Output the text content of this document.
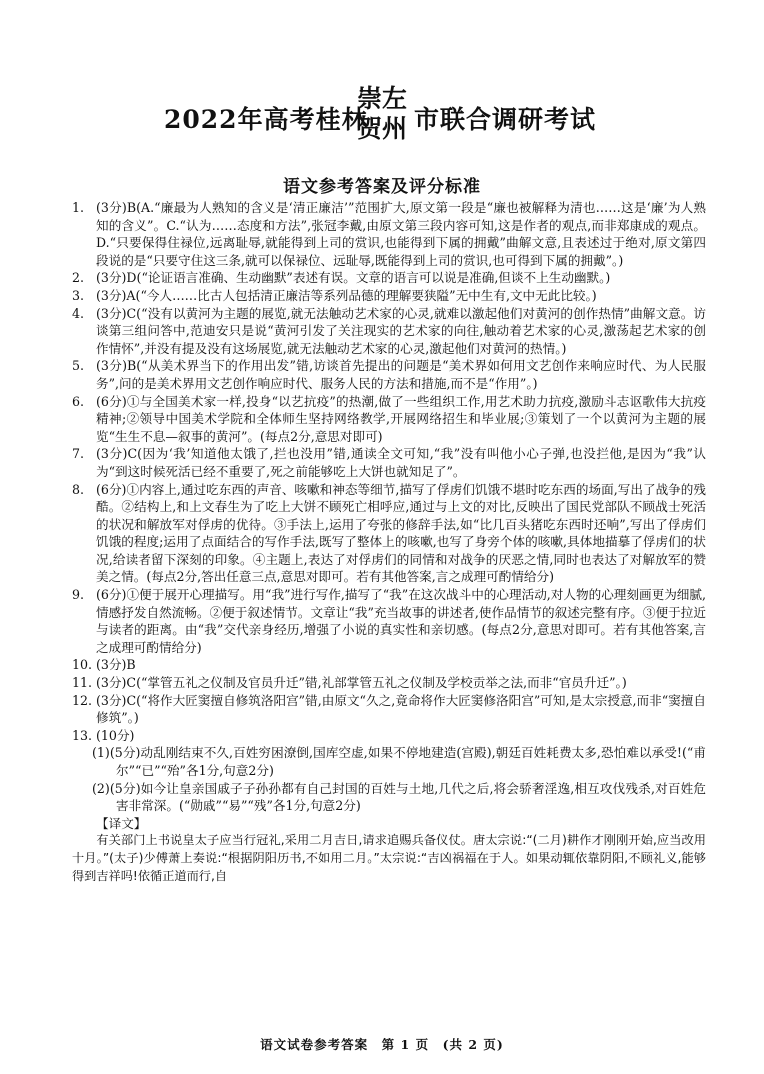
2022年高考桂林
崇左
贺州 市联合调研考试
语文参考答案及评分标准
1. (3分)B(A.“廉最为人熟知的含义是‘清正廉洁’”范围扩大,原文第一段是“廉也被解释为清也……这是‘廉’为人熟知的含义”。C.“认为……态度和方法”,张冠李戴,由原文第三段内容可知,这是作者的观点,而非郑康成的观点。D.“只要保得住禄位,远离耻辱,就能得到上司的赏识,也能得到下属的拥戴”曲解文意,且表述过于绝对,原文第四段说的是“只要守住这三条,就可以保禄位、远耻辱,既能得到上司的赏识,也可得到下属的拥戴”。)
2. (3分)D(“论证语言准确、生动幽默”表述有误。文章的语言可以说是准确,但谈不上生动幽默。)
3. (3分)A(“今人……比古人包括清正廉洁等系列品德的理解要狭隘”无中生有,文中无此比较。)
4. (3分)C(“没有以黄河为主题的展览,就无法触动艺术家的心灵,就难以激起他们对黄河的创作热情”曲解文意。访谈第三组问答中,范迪安只是说“黄河引发了关注现实的艺术家的向往,触动着艺术家的心灵,激荡起艺术家的创作情怀”,并没有提及没有这场展览,就无法触动艺术家的心灵,激起他们对黄河的热情。)
5. (3分)B(“从美术界当下的作用出发”错,访谈首先提出的问题是“美术界如何用文艺创作来响应时代、为人民服务”,问的是美术界用文艺创作响应时代、服务人民的方法和措施,而不是“作用”。)
6. (6分)①与全国美术家一样,投身“以艺抗疫”的热潮,做了一些组织工作,用艺术助力抗疫,激励斗志讴歌伟大抗疫精神;②领导中国美术学院和全体师生坚持网络教学,开展网络招生和毕业展;③策划了一个以黄河为主题的展览“生生不息—叙事的黄河”。(每点2分,意思对即可)
7. (3分)C(因为‘我’知道他太饿了,拦也没用”错,通读全文可知,“我”没有叫他小心子弹,也没拦他,是因为“我”认为“到这时候死活已经不重要了,死之前能够吃上大饼也就知足了”。
8. (6分)①内容上,通过吃东西的声音、咳嗽和神态等细节,描写了俘虏们饥饿不堪时吃东西的场面,写出了战争的残酷。②结构上,和上文春生为了吃上大饼不顾死亡相呼应,通过与上文的对比,反映出了国民党部队不顾战士死活的状况和解放军对俘虏的优待。③手法上,运用了夸张的修辞手法,如“比几百头猪吃东西时还响”,写出了俘虏们饥饿的程度;运用了点面结合的写作手法,既写了整体上的咳嗽,也写了身旁个体的咳嗽,具体地描摹了俘虏们的状况,给读者留下深刻的印象。④主题上,表达了对俘虏们的同情和对战争的厌恶之情,同时也表达了对解放军的赞美之情。(每点2分,答出任意三点,意思对即可。若有其他答案,言之成理可酌情给分)
9. (6分)①便于展开心理描写。用“我”进行写作,描写了“我”在这次战斗中的心理活动,对人物的心理刻画更为细腻,情感抒发自然流畅。②便于叙述情节。文章让“我”充当故事的讲述者,使作品情节的叙述完整有序。③便于拉近与读者的距离。由“我”交代亲身经历,增强了小说的真实性和亲切感。(每点2分,意思对即可。若有其他答案,言之成理可酌情给分)
10. (3分)B
11. (3分)C(“掌管五礼之仪制及官员升迁”错,礼部掌管五礼之仪制及学校贡举之法,而非“官员升迁”。)
12. (3分)C(“将作大匠窦擅自修筑洛阳宫”错,由原文“久之,竟命将作大匠窦修洛阳宫”可知,是太宗授意,而非“窦擅自修筑”。)
13. (10分)
(1)(5分)动乱刚结束不久,百姓穷困潦倒,国库空虚,如果不停地建造(宫殿),朝廷百姓耗费太多,恐怕难以承受!(“甫尔”“已”“殆”各1分,句意2分)
(2)(5分)如今让皇亲国戚子子孙孙都有自己封国的百姓与土地,几代之后,将会骄奢淫逸,相互攻伐残杀,对百姓危害非常深。(“勋戚”“易”“残”各1分,句意2分)
【译文】
有关部门上书说皇太子应当行冠礼,采用二月吉日,请求追赐兵备仪仗。唐太宗说:“(二月)耕作才刚刚开始,应当改用十月。”(太子)少傅萧上奏说:“根据阴阳历书,不如用二月。”太宗说:“吉凶祸福在于人。如果动辄依靠阴阳,不顾礼义,能够得到吉祥吗!依循正道而行,自
语文试卷参考答案　第 1 页　(共 2 页)
